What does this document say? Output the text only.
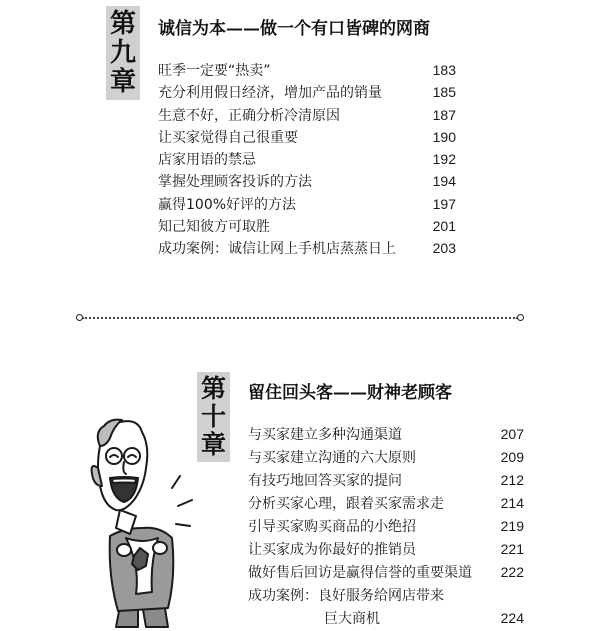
第
九
章
诚信为本——做一个有口皆碑的网商
旺季一定要“热卖”	183
充分利用假日经济，增加产品的销量	185
生意不好，正确分析冷清原因	187
让买家觉得自己很重要	190
店家用语的禁忌	192
掌握处理顾客投诉的方法	194
赢得100%好评的方法	197
知己知彼方可取胜	201
成功案例：诚信让网上手机店蒸蒸日上	203
第
十
章
留住回头客——财神老顾客
与买家建立多种沟通渠道	207
与买家建立沟通的六大原则	209
有技巧地回答买家的提问	212
分析买家心理，跟着买家需求走	214
引导买家购买商品的小绝招	219
让买家成为你最好的推销员	221
做好售后回访是赢得信誉的重要渠道 222
成功案例：良好服务给网店带来
巨大商机	224
